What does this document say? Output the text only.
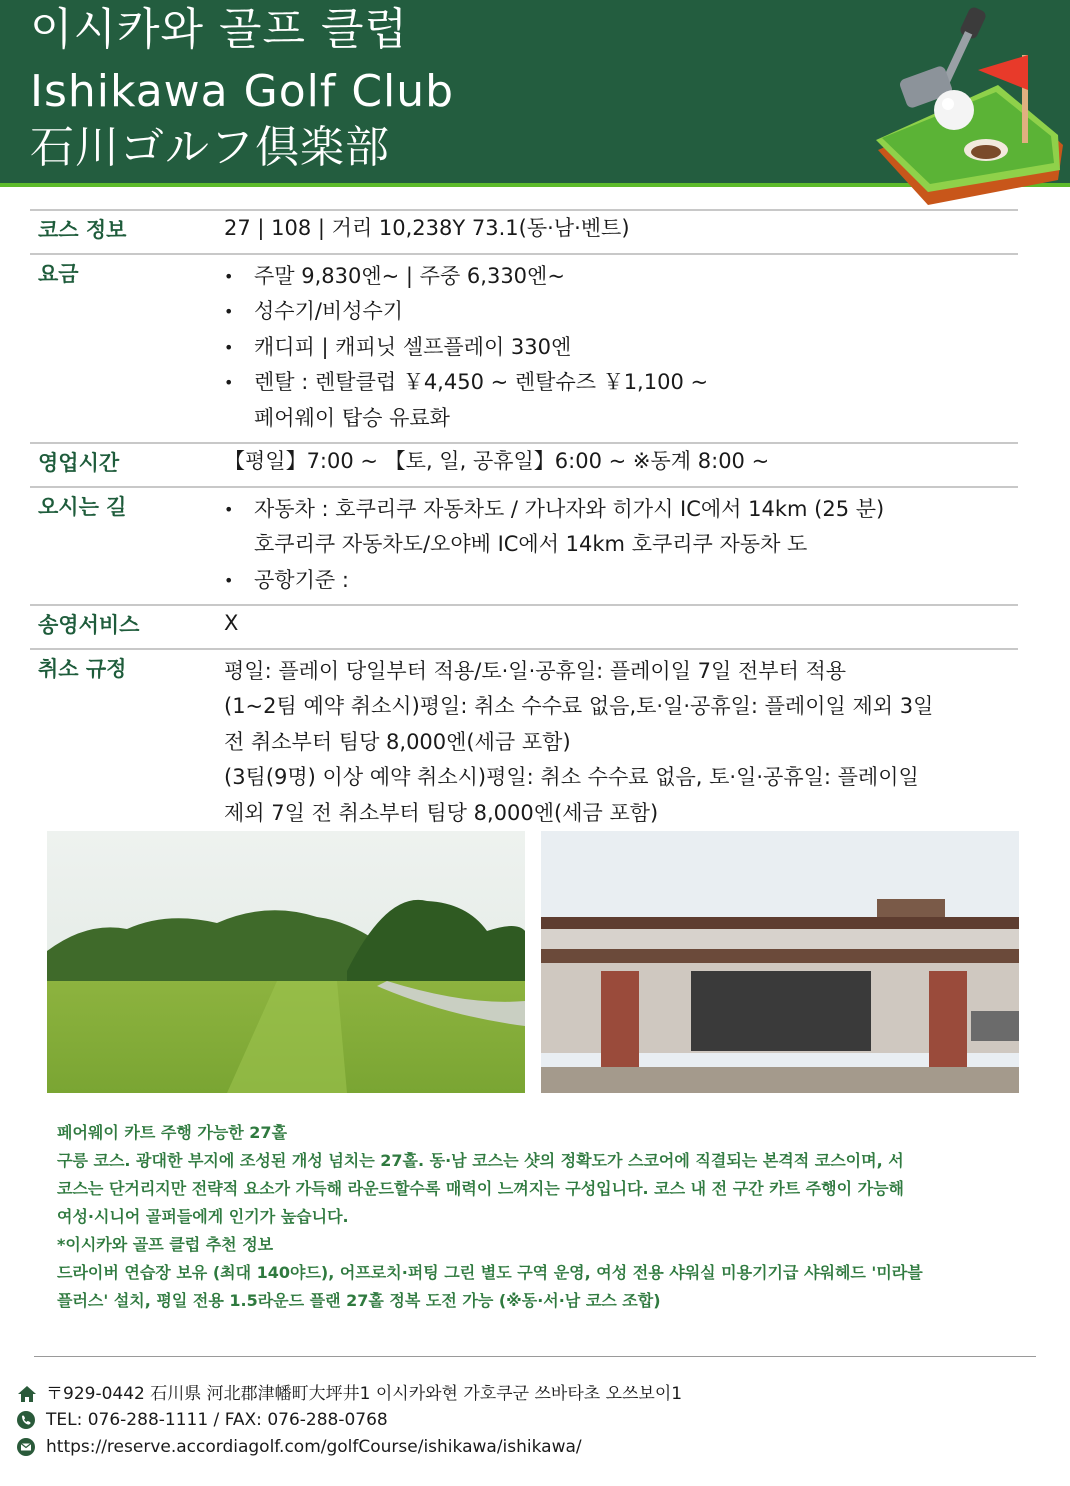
이시카와 골프 클럽
Ishikawa Golf Club
石川ゴルフ倶楽部
코스 정보	27 | 108 | 거리 10,238Y 73.1(동·남·벤트)
요금	• 주말 9,830엔~ | 주중 6,330엔~
• 성수기/비성수기
• 캐디피 | 캐피닛 셀프플레이 330엔
• 렌탈 : 렌탈클럽 ￥4,450 ~ 렌탈슈즈 ￥1,100 ~
페어웨이 탑승 유료화
영업시간	【평일】7:00 ~ 【토, 일, 공휴일】6:00 ~ ※동계 8:00 ~
오시는 길	• 자동차 : 호쿠리쿠 자동차도 / 가나자와 히가시 IC에서 14km (25 분)
호쿠리쿠 자동차도/오야베 IC에서 14km 호쿠리쿠 자동차 도
• 공항기준 :
송영서비스	X
취소 규정	평일: 플레이 당일부터 적용/토·일·공휴일: 플레이일 7일 전부터 적용
(1~2팀 예약 취소시)평일: 취소 수수료 없음,토·일·공휴일: 플레이일 제외 3일
전 취소부터 팀당 8,000엔(세금 포함)
(3팀(9명) 이상 예약 취소시)평일: 취소 수수료 없음, 토·일·공휴일: 플레이일
제외 7일 전 취소부터 팀당 8,000엔(세금 포함)

페어웨이 카트 주행 가능한 27홀

구릉 코스. 광대한 부지에 조성된 개성 넘치는 27홀. 동·남 코스는 샷의 정확도가 스코어에 직결되는 본격적 코스이며, 서

코스는 단거리지만 전략적 요소가 가득해 라운드할수록 매력이 느껴지는 구성입니다. 코스 내 전 구간 카트 주행이 가능해

여성·시니어 골퍼들에게 인기가 높습니다.

*이시카와 골프 클럽 추천 정보

드라이버 연습장 보유 (최대 140야드), 어프로치·퍼팅 그린 별도 구역 운영, 여성 전용 샤워실 미용기기급 샤워헤드 '미라블

플러스' 설치, 평일 전용 1.5라운드 플랜 27홀 정복 도전 가능 (※동·서·남 코스 조합)

〒929-0442 石川県 河北郡津幡町大坪井1 이시카와현 가호쿠군 쓰바타초 오쓰보이1
TEL: 076-288-1111 / FAX: 076-288-0768
https://reserve.accordiagolf.com/golfCourse/ishikawa/ishikawa/
